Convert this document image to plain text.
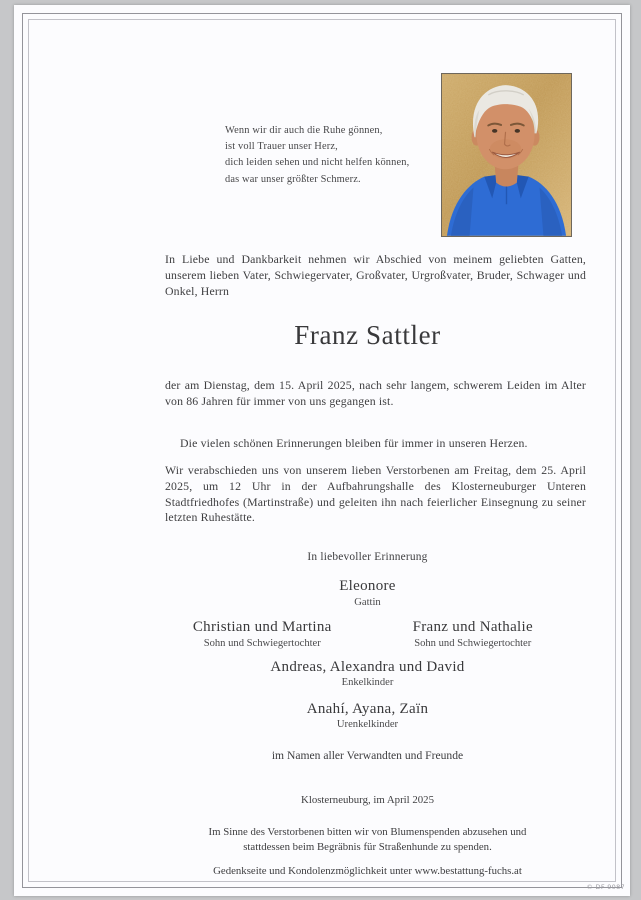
Wenn wir dir auch die Ruhe gönnen,
ist voll Trauer unser Herz,
dich leiden sehen und nicht helfen können,
das war unser größter Schmerz.

In Liebe und Dankbarkeit nehmen wir Abschied von meinem geliebten Gatten, unserem lieben Vater, Schwiegervater, Großvater, Urgroßvater, Bruder, Schwager und Onkel, Herrn

Franz Sattler

der am Dienstag, dem 15. April 2025, nach sehr langem, schwerem Leiden im Alter von 86 Jahren für immer von uns gegangen ist.

Die vielen schönen Erinnerungen bleiben für immer in unseren Herzen.

Wir verabschieden uns von unserem lieben Verstorbenen am Freitag, dem 25. April 2025, um 12 Uhr in der Aufbahrungshalle des Klosterneuburger Unteren Stadtfriedhofes (Martinstraße) und geleiten ihn nach feierlicher Einsegnung zu seiner letzten Ruhestätte.

In liebevoller Erinnerung
Eleonore
Gattin
Christian und Martina
Sohn und Schwiegertochter
Franz und Nathalie
Sohn und Schwiegertochter
Andreas, Alexandra und David
Enkelkinder
Anahí, Ayana, Zaïn
Urenkelkinder
im Namen aller Verwandten und Freunde
Klosterneuburg, im April 2025
Im Sinne des Verstorbenen bitten wir von Blumenspenden abzusehen und stattdessen beim Begräbnis für Straßenhunde zu spenden.
Gedenkseite und Kondolenzmöglichkeit unter www.bestattung-fuchs.at
© DF 9087
